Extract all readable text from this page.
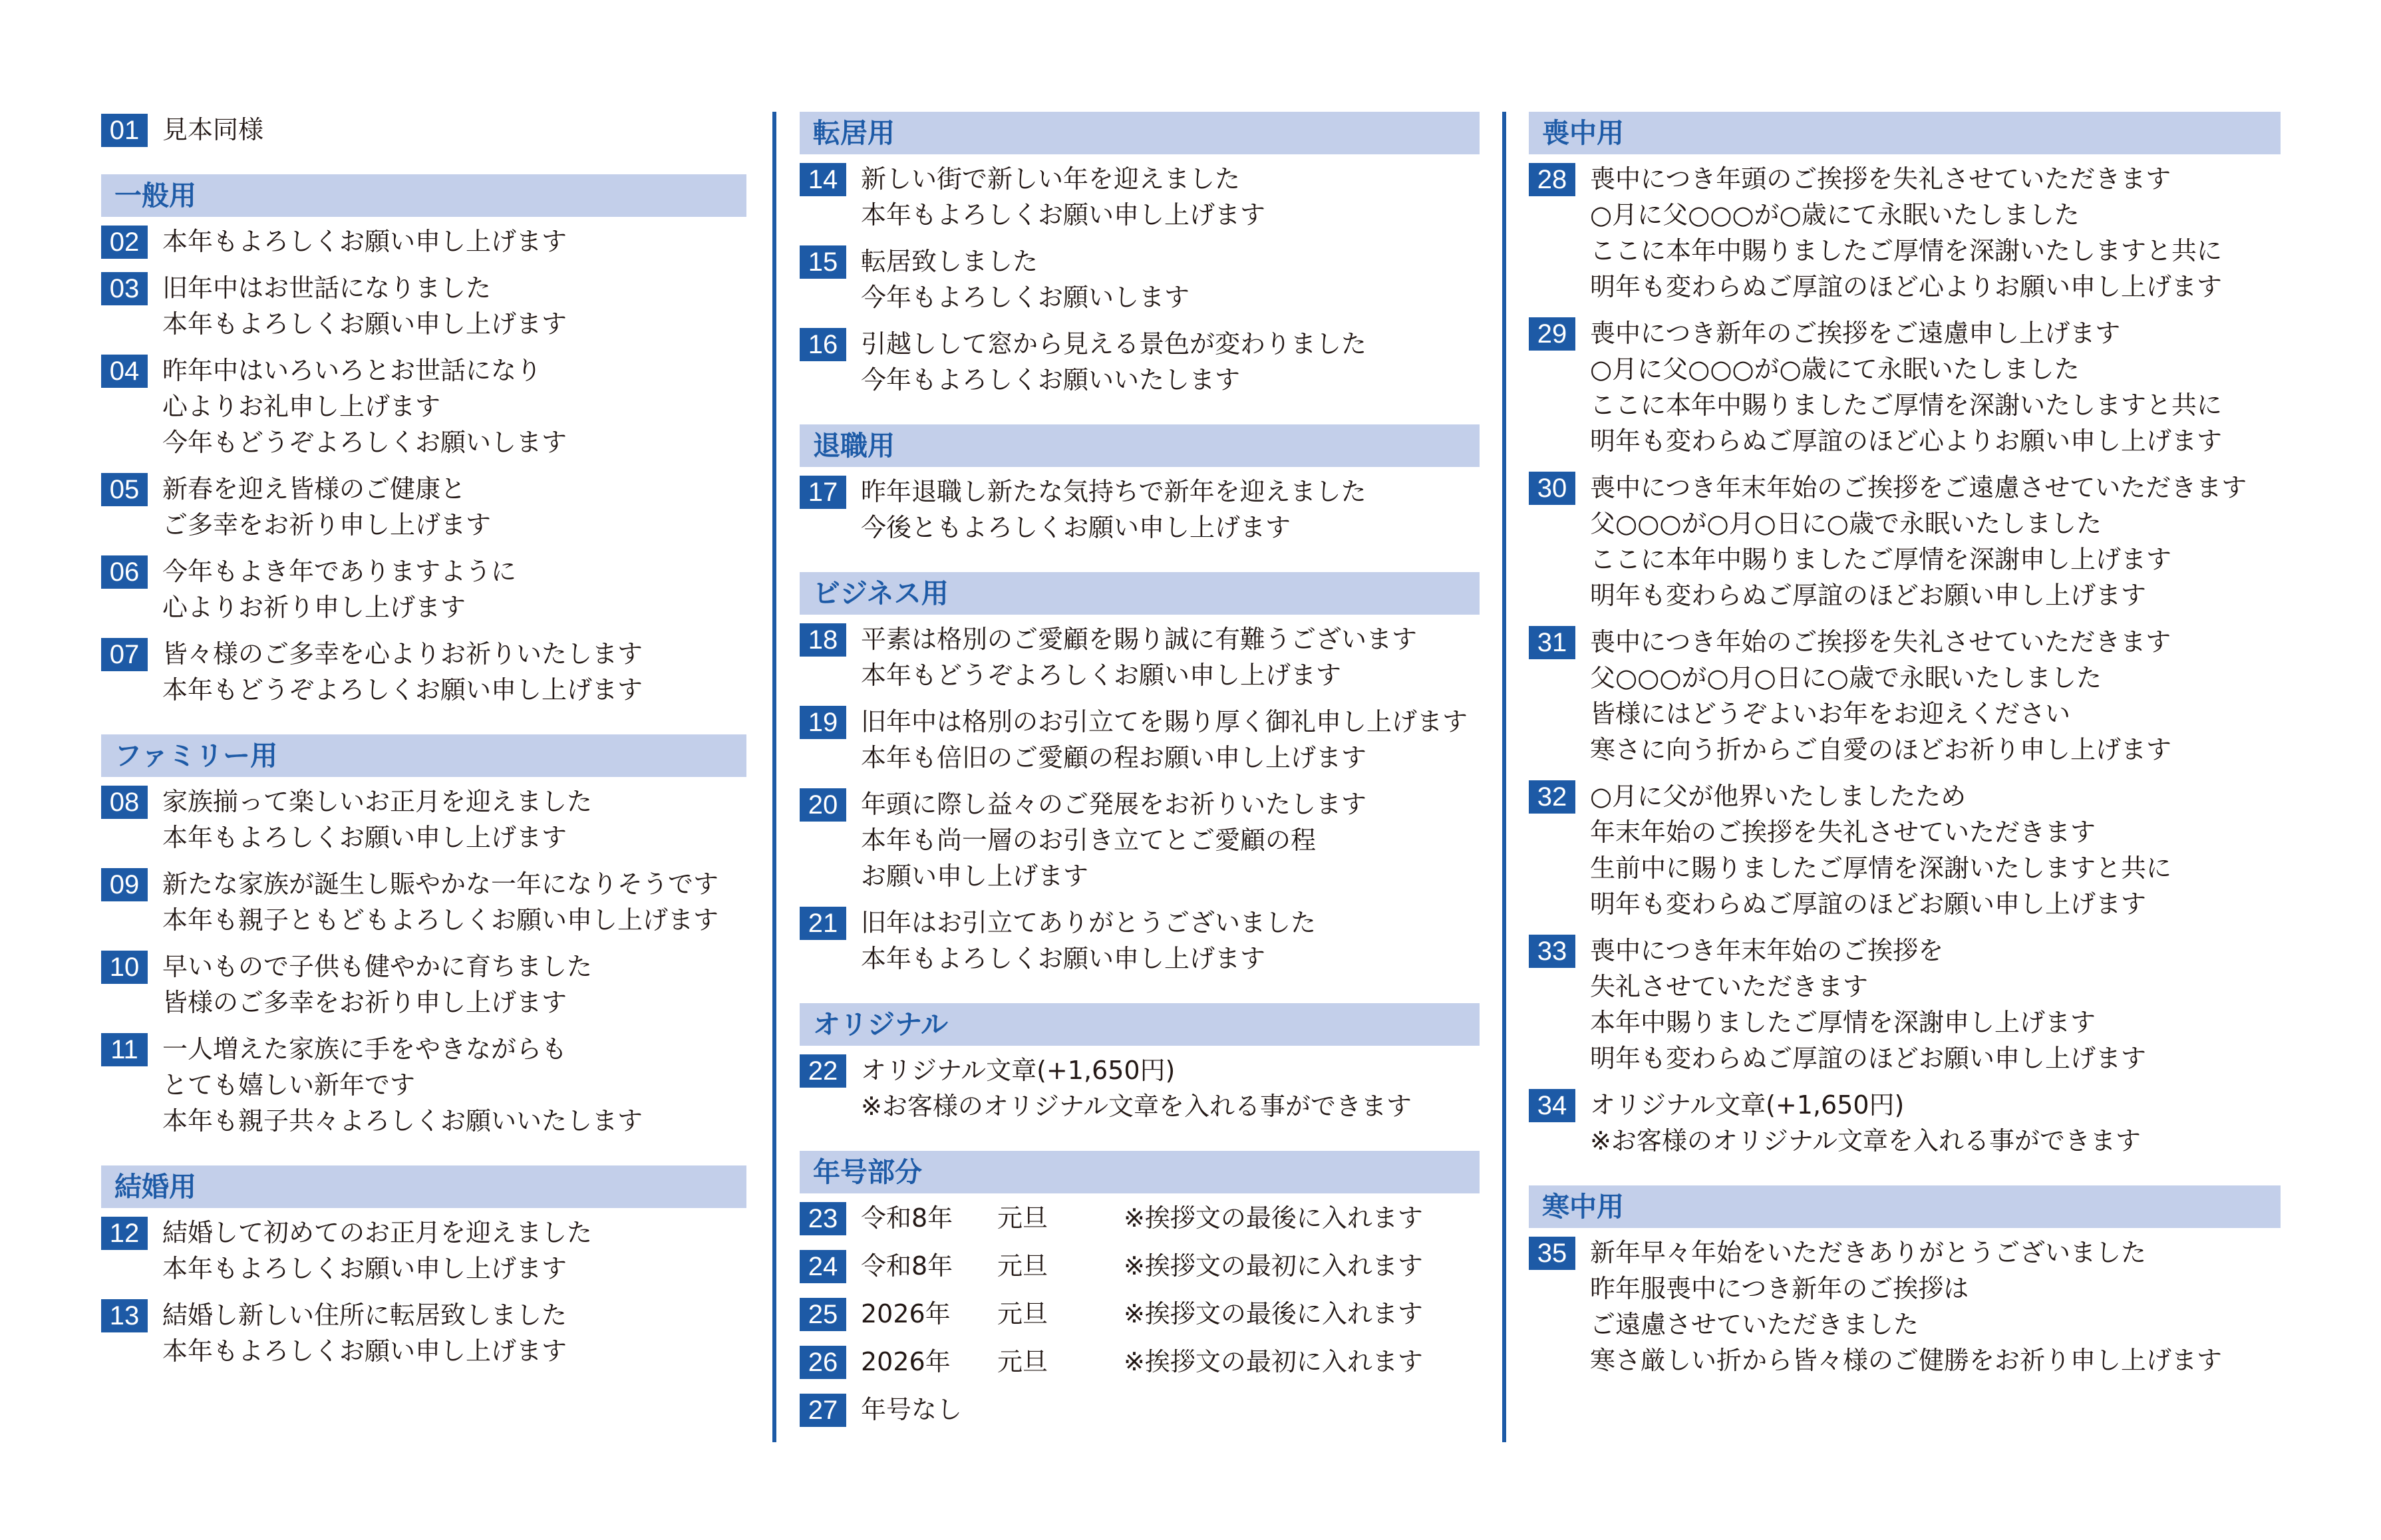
01 見本同様
一般用
02 本年もよろしくお願い申し上げます
03 旧年中はお世話になりました
本年もよろしくお願い申し上げます
04 昨年中はいろいろとお世話になり
心よりお礼申し上げます
今年もどうぞよろしくお願いします
05 新春を迎え皆様のご健康と
ご多幸をお祈り申し上げます
06 今年もよき年でありますように
心よりお祈り申し上げます
07 皆々様のご多幸を心よりお祈りいたします
本年もどうぞよろしくお願い申し上げます
ファミリー用
08 家族揃って楽しいお正月を迎えました
本年もよろしくお願い申し上げます
09 新たな家族が誕生し賑やかな一年になりそうです
本年も親子ともどもよろしくお願い申し上げます
10 早いもので子供も健やかに育ちました
皆様のご多幸をお祈り申し上げます
11 一人増えた家族に手をやきながらも
とても嬉しい新年です
本年も親子共々よろしくお願いいたします
結婚用
12 結婚して初めてのお正月を迎えました
本年もよろしくお願い申し上げます
13 結婚し新しい住所に転居致しました
本年もよろしくお願い申し上げます
転居用
14 新しい街で新しい年を迎えました
本年もよろしくお願い申し上げます
15 転居致しました
今年もよろしくお願いします
16 引越しして窓から見える景色が変わりました
今年もよろしくお願いいたします
退職用
17 昨年退職し新たな気持ちで新年を迎えました
今後ともよろしくお願い申し上げます
ビジネス用
18 平素は格別のご愛顧を賜り誠に有難うございます
本年もどうぞよろしくお願い申し上げます
19 旧年中は格別のお引立てを賜り厚く御礼申し上げます
本年も倍旧のご愛顧の程お願い申し上げます
20 年頭に際し益々のご発展をお祈りいたします
本年も尚一層のお引き立てとご愛顧の程
お願い申し上げます
21 旧年はお引立てありがとうございました
本年もよろしくお願い申し上げます
オリジナル
22 オリジナル文章(+1,650円)
※お客様のオリジナル文章を入れる事ができます
年号部分
23 令和8年	元旦	※挨拶文の最後に入れます
24 令和8年	元旦	※挨拶文の最初に入れます
25 2026年	元旦	※挨拶文の最後に入れます
26 2026年	元旦	※挨拶文の最初に入れます
27 年号なし
喪中用
28 喪中につき年頭のご挨拶を失礼させていただきます
○月に父○○○が○歳にて永眠いたしました
ここに本年中賜りましたご厚情を深謝いたしますと共に
明年も変わらぬご厚誼のほど心よりお願い申し上げます
29 喪中につき新年のご挨拶をご遠慮申し上げます
○月に父○○○が○歳にて永眠いたしました
ここに本年中賜りましたご厚情を深謝いたしますと共に
明年も変わらぬご厚誼のほど心よりお願い申し上げます
30 喪中につき年末年始のご挨拶をご遠慮させていただきます
父○○○が○月○日に○歳で永眠いたしました
ここに本年中賜りましたご厚情を深謝申し上げます
明年も変わらぬご厚誼のほどお願い申し上げます
31 喪中につき年始のご挨拶を失礼させていただきます
父○○○が○月○日に○歳で永眠いたしました
皆様にはどうぞよいお年をお迎えください
寒さに向う折からご自愛のほどお祈り申し上げます
32 ○月に父が他界いたしましたため
年末年始のご挨拶を失礼させていただきます
生前中に賜りましたご厚情を深謝いたしますと共に
明年も変わらぬご厚誼のほどお願い申し上げます
33 喪中につき年末年始のご挨拶を
失礼させていただきます
本年中賜りましたご厚情を深謝申し上げます
明年も変わらぬご厚誼のほどお願い申し上げます
34 オリジナル文章(+1,650円)
※お客様のオリジナル文章を入れる事ができます
寒中用
35 新年早々年始をいただきありがとうございました
昨年服喪中につき新年のご挨拶は
ご遠慮させていただきました
寒さ厳しい折から皆々様のご健勝をお祈り申し上げます
